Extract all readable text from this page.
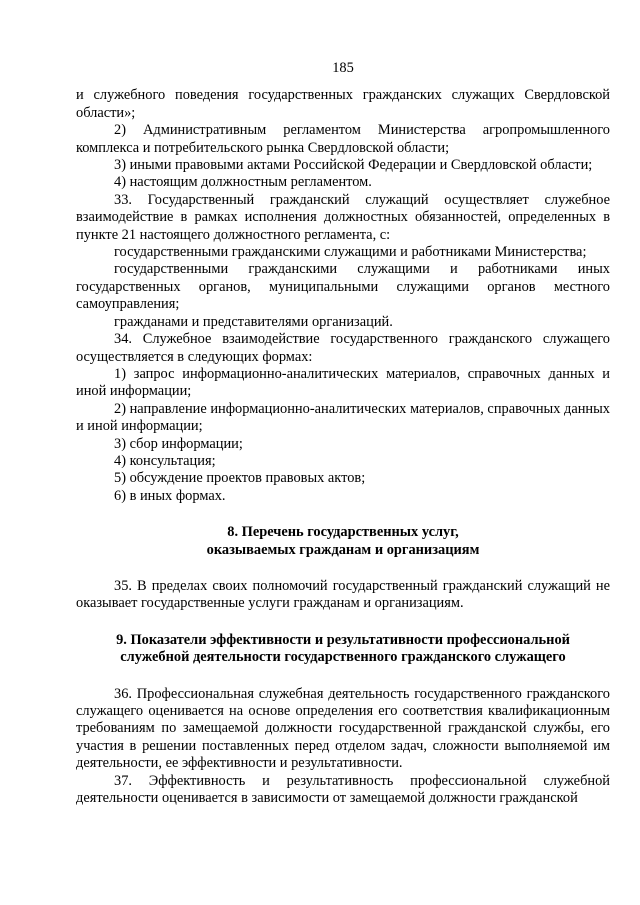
185

и служебного поведения государственных гражданских служащих Свердловской области»;

2) Административным регламентом Министерства агропромышленного комплекса и потребительского рынка Свердловской области;

3) иными правовыми актами Российской Федерации и Свердловской области;

4) настоящим должностным регламентом.

33. Государственный гражданский служащий осуществляет служебное взаимодействие в рамках исполнения должностных обязанностей, определенных в пункте 21 настоящего должностного регламента, с:

государственными гражданскими служащими и работниками Министерства;

государственными гражданскими служащими и работниками иных государственных органов, муниципальными служащими органов местного самоуправления;

гражданами и представителями организаций.

34. Служебное взаимодействие государственного гражданского служащего осуществляется в следующих формах:

1) запрос информационно-аналитических материалов, справочных данных и иной информации;

2) направление информационно-аналитических материалов, справочных данных и иной информации;

3) сбор информации;

4) консультация;

5) обсуждение проектов правовых актов;

6) в иных формах.

8. Перечень государственных услуг,

оказываемых гражданам и организациям

35. В пределах своих полномочий государственный гражданский служащий не оказывает государственные услуги гражданам и организациям.

9. Показатели эффективности и результативности профессиональной

служебной деятельности государственного гражданского служащего

36. Профессиональная служебная деятельность государственного гражданского служащего оценивается на основе определения его соответствия квалификационным требованиям по замещаемой должности государственной гражданской службы, его участия в решении поставленных перед отделом задач, сложности выполняемой им деятельности, ее эффективности и результативности.

37. Эффективность и результативность профессиональной служебной деятельности оценивается в зависимости от замещаемой должности гражданской
